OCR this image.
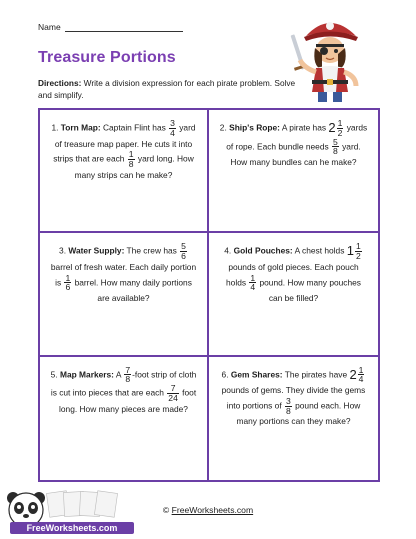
Name
Treasure Portions
Directions: Write a division expression for each pirate problem. Solve and simplify.
1. Torn Map: Captain Flint has $\frac{3}{4}$ yard of treasure map paper. He cuts it into strips that are each $\frac{1}{8}$ yard long. How many strips can he make?
2. Ship's Rope: A pirate has $2 \frac{1}{2}$ yards of rope. Each bundle needs $\frac{5}{8}$ yard. How many bundles can he make?
3. Water Supply: The crew has $\frac{5}{6}$
barrel of fresh water. Each daily portion is $\frac{1}{6}$ barrel. How many daily portions are available?
4. Gold Pouches: A chest holds $1 \frac{1}{2}$
pounds of gold pieces. Each pouch holds $\frac{1}{4}$ pound. How many pouches can be filled?
5. Map Markers: A $\frac{7}{8}$ -foot strip of cloth is cut into pieces that are each $\frac{7}{24}$ foot long. How many pieces are made?
6. Gem Shares: The pirates have $2 \frac{1}{4}$
pounds of gems. They divide the gems into portions of $\frac{3}{8}$ pound each. How many portions can they make?
FreeWorksheets.com
© FreeWorksheets.com
